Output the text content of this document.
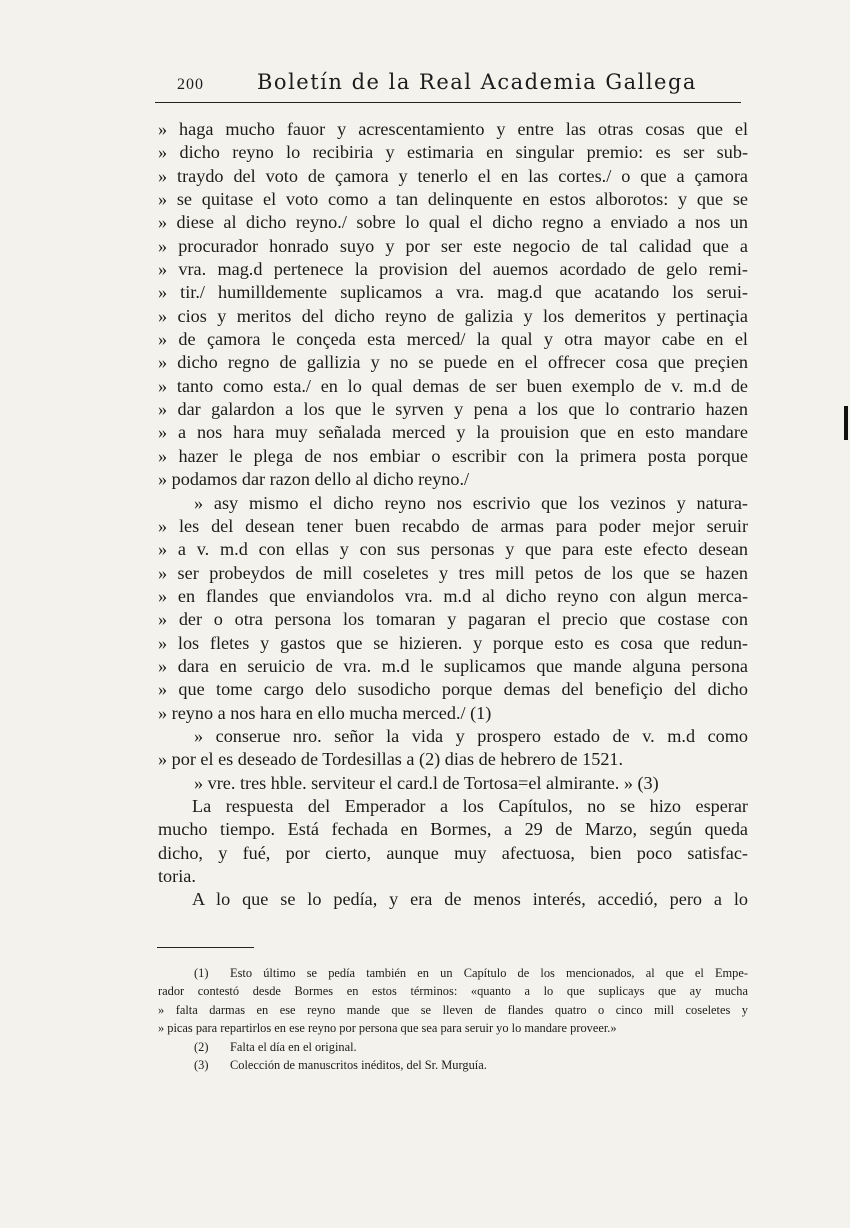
200	Boletín de la Real Academia Gallega
» haga mucho fauor y acrescentamiento y entre las otras cosas que el
» dicho reyno lo recibiria y estimaria en singular premio: es ser sub-
» traydo del voto de çamora y tenerlo el en las cortes./ o que a çamora
» se quitase el voto como a tan delinquente en estos alborotos: y que se
» diese al dicho reyno./ sobre lo qual el dicho regno a enviado a nos un
» procurador honrado suyo y por ser este negocio de tal calidad que a
» vra. mag.d pertenece la provision del auemos acordado de gelo remi-
» tir./ humilldemente suplicamos a vra. mag.d que acatando los serui-
» cios y meritos del dicho reyno de galizia y los demeritos y pertinaçia
» de çamora le conçeda esta merced/ la qual y otra mayor cabe en el
» dicho regno de gallizia y no se puede en el offrecer cosa que preçien
» tanto como esta./ en lo qual demas de ser buen exemplo de v. m.d de
» dar galardon a los que le syrven y pena a los que lo contrario hazen
» a nos hara muy señalada merced y la prouision que en esto mandare
» hazer le plega de nos embiar o escribir con la primera posta porque
» podamos dar razon dello al dicho reyno./
» asy mismo el dicho reyno nos escrivio que los vezinos y natura-
» les del desean tener buen recabdo de armas para poder mejor seruir
» a v. m.d con ellas y con sus personas y que para este efecto desean
» ser probeydos de mill coseletes y tres mill petos de los que se hazen
» en flandes que enviandolos vra. m.d al dicho reyno con algun merca-
» der o otra persona los tomaran y pagaran el precio que costase con
» los fletes y gastos que se hizieren. y porque esto es cosa que redun-
» dara en seruicio de vra. m.d le suplicamos que mande alguna persona
» que tome cargo delo susodicho porque demas del benefiçio del dicho
» reyno a nos hara en ello mucha merced./ (1)
» conserue nro. señor la vida y prospero estado de v. m.d como
» por el es deseado de Tordesillas a (2) dias de hebrero de 1521.
» vre. tres hble. serviteur el card.l de Tortosa=el almirante. » (3)
La respuesta del Emperador a los Capítulos, no se hizo esperar
mucho tiempo. Está fechada en Bormes, a 29 de Marzo, según queda
dicho, y fué, por cierto, aunque muy afectuosa, bien poco satisfac-
toria.
A lo que se lo pedía, y era de menos interés, accedió, pero a lo
(1) Esto último se pedía también en un Capítulo de los mencionados, al que el Empe-
rador contestó desde Bormes en estos términos: «quanto a lo que suplicays que ay mucha
» falta darmas en ese reyno mande que se lleven de flandes quatro o cinco mill coseletes y
» picas para repartirlos en ese reyno por persona que sea para seruir yo lo mandare proveer.»
(2) Falta el día en el original.
(3) Colección de manuscritos inéditos, del Sr. Murguía.
